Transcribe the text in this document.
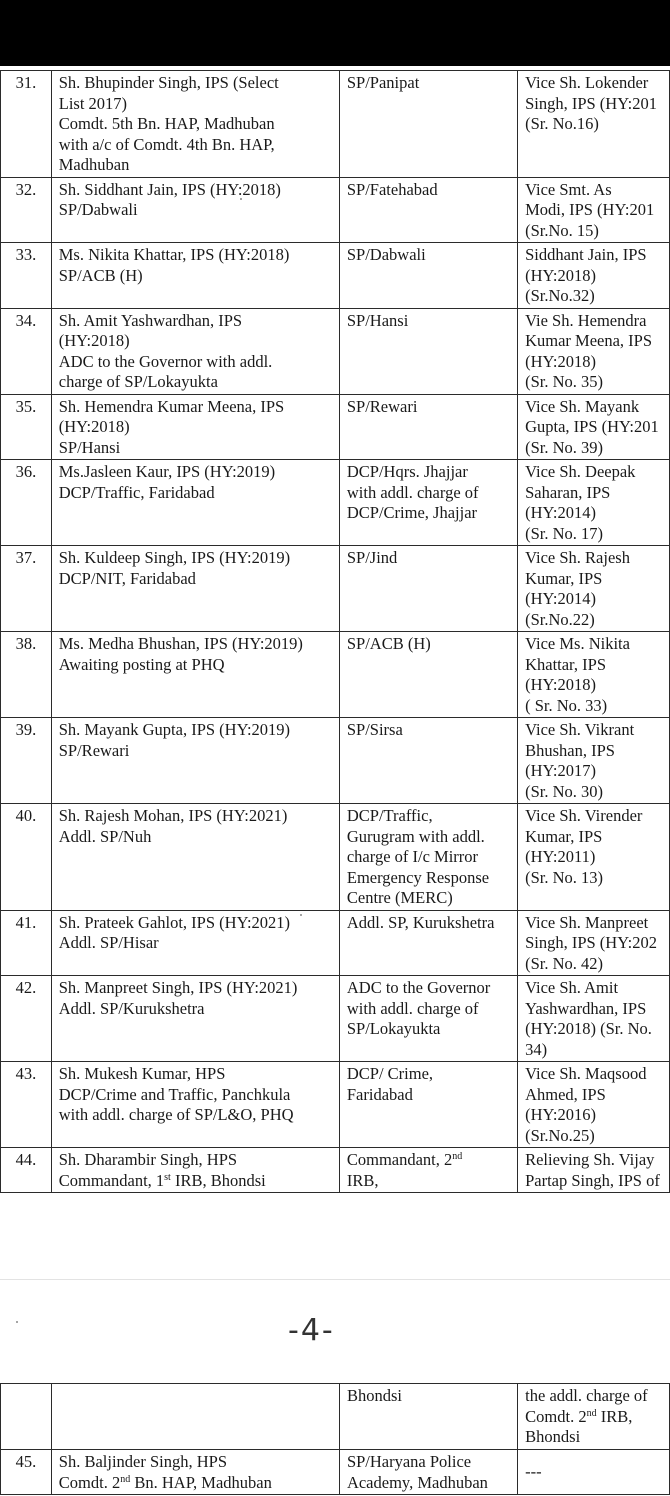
31.	Sh. Bhupinder Singh, IPS (Select
List 2017)
Comdt. 5th Bn. HAP, Madhuban
with a/c of Comdt. 4th Bn. HAP,
Madhuban	SP/Panipat	Vice Sh. Lokender
Singh, IPS (HY:201
(Sr. No.16)

32.	Sh. Siddhant Jain, IPS (HY:2018)
SP/Dabwali	SP/Fatehabad	Vice Smt. As
Modi, IPS (HY:201
(Sr.No. 15)

33.	Ms. Nikita Khattar, IPS (HY:2018)
SP/ACB (H)	SP/Dabwali	Siddhant Jain, IPS
(HY:2018)
(Sr.No.32)

34.	Sh. Amit Yashwardhan, IPS
(HY:2018)
ADC to the Governor with addl.
charge of SP/Lokayukta	SP/Hansi	Vie Sh. Hemendra
Kumar Meena, IPS
(HY:2018)
(Sr. No. 35)

35.	Sh. Hemendra Kumar Meena, IPS
(HY:2018)
SP/Hansi	SP/Rewari	Vice Sh. Mayank
Gupta, IPS (HY:201
(Sr. No. 39)

36.	Ms.Jasleen Kaur, IPS (HY:2019)
DCP/Traffic, Faridabad	DCP/Hqrs. Jhajjar
with addl. charge of
DCP/Crime, Jhajjar	Vice Sh. Deepak
Saharan, IPS
(HY:2014)
(Sr. No. 17)

37.	Sh. Kuldeep Singh, IPS (HY:2019)
DCP/NIT, Faridabad	SP/Jind	Vice Sh. Rajesh
Kumar, IPS
(HY:2014)
(Sr.No.22)

38.	Ms. Medha Bhushan, IPS (HY:2019)
Awaiting posting at PHQ	SP/ACB (H)	Vice Ms. Nikita
Khattar, IPS
(HY:2018)
( Sr. No. 33)

39.	Sh. Mayank Gupta, IPS (HY:2019)
SP/Rewari	SP/Sirsa	Vice Sh. Vikrant
Bhushan, IPS
(HY:2017)
(Sr. No. 30)

40.	Sh. Rajesh Mohan, IPS (HY:2021)
Addl. SP/Nuh	DCP/Traffic,
Gurugram with addl.
charge of I/c Mirror
Emergency Response
Centre (MERC)	Vice Sh. Virender
Kumar, IPS
(HY:2011)
(Sr. No. 13)

41.	Sh. Prateek Gahlot, IPS (HY:2021)
Addl. SP/Hisar	Addl. SP, Kurukshetra	Vice Sh. Manpreet
Singh, IPS (HY:202
(Sr. No. 42)

42.	Sh. Manpreet Singh, IPS (HY:2021)
Addl. SP/Kurukshetra	ADC to the Governor
with addl. charge of
SP/Lokayukta	Vice Sh. Amit
Yashwardhan, IPS
(HY:2018) (Sr. No.
34)

43.	Sh. Mukesh Kumar, HPS
DCP/Crime and Traffic, Panchkula
with addl. charge of SP/L&O, PHQ	DCP/ Crime,
Faridabad	Vice Sh. Maqsood
Ahmed, IPS
(HY:2016)
(Sr.No.25)

44.	Sh. Dharambir Singh, HPS
Commandant, 1st IRB, Bhondsi	Commandant, 2nd
IRB,	Relieving Sh. Vijay
Partap Singh, IPS of
-4-

		Bhondsi	the addl. charge of
Comdt. 2nd IRB,
Bhondsi

45.	Sh. Baljinder Singh, HPS
Comdt. 2nd Bn. HAP, Madhuban	SP/Haryana Police
Academy, Madhuban	---
